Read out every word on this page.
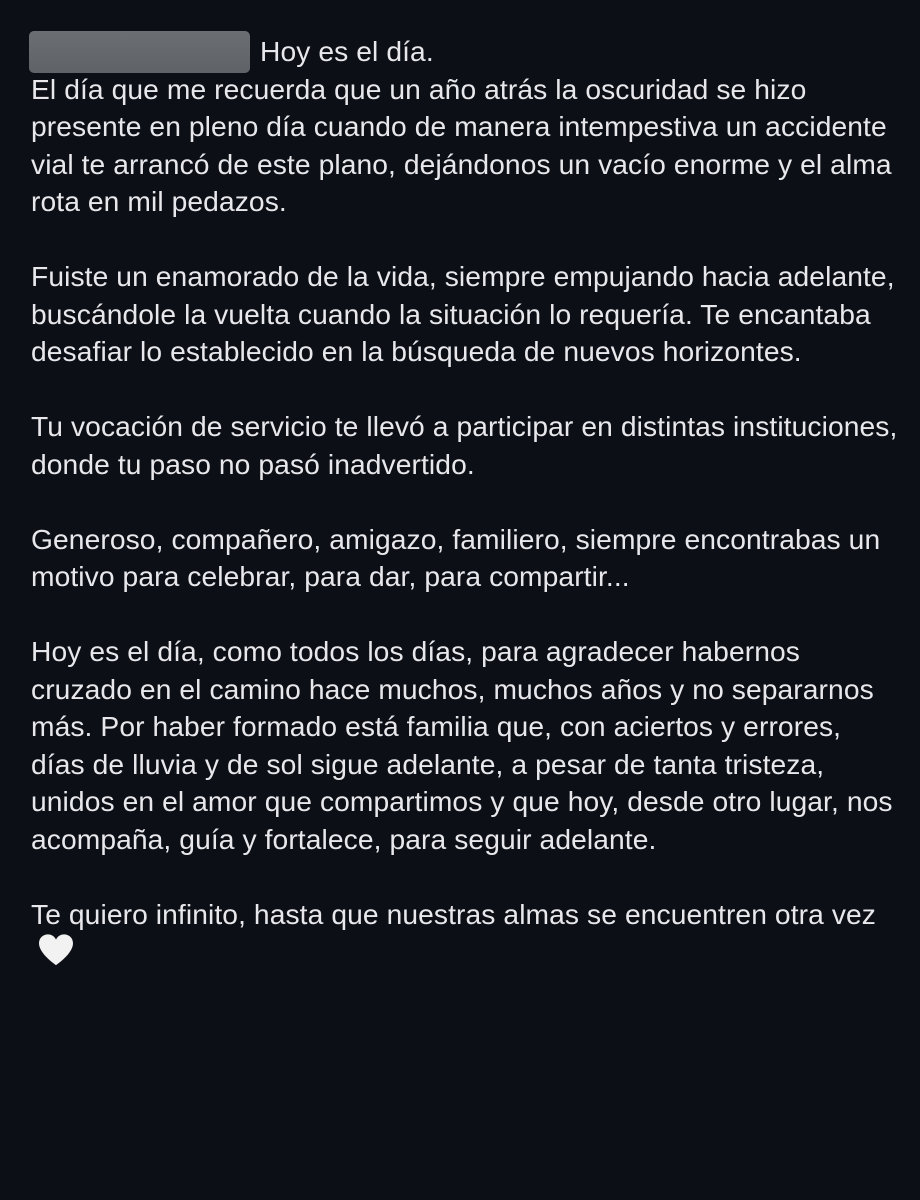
Hoy es el día.

El día que me recuerda que un año atrás la oscuridad se hizo presente en pleno día cuando de manera intempestiva un accidente vial te arrancó de este plano, dejándonos un vacío enorme y el alma rota en mil pedazos.

Fuiste un enamorado de la vida, siempre empujando hacia adelante, buscándole la vuelta cuando la situación lo requería. Te encantaba desafiar lo establecido en la búsqueda de nuevos horizontes.

Tu vocación de servicio te llevó a participar en distintas instituciones, donde tu paso no pasó inadvertido.

Generoso, compañero, amigazo, familiero, siempre encontrabas un motivo para celebrar, para dar, para compartir...

Hoy es el día, como todos los días, para agradecer habernos cruzado en el camino hace muchos, muchos años y no separarnos más. Por haber formado está familia que, con aciertos y errores, días de lluvia y de sol sigue adelante, a pesar de tanta tristeza, unidos en el amor que compartimos y que hoy, desde otro lugar, nos acompaña, guía y fortalece, para seguir adelante.

Te quiero infinito, hasta que nuestras almas se encuentren otra vez
